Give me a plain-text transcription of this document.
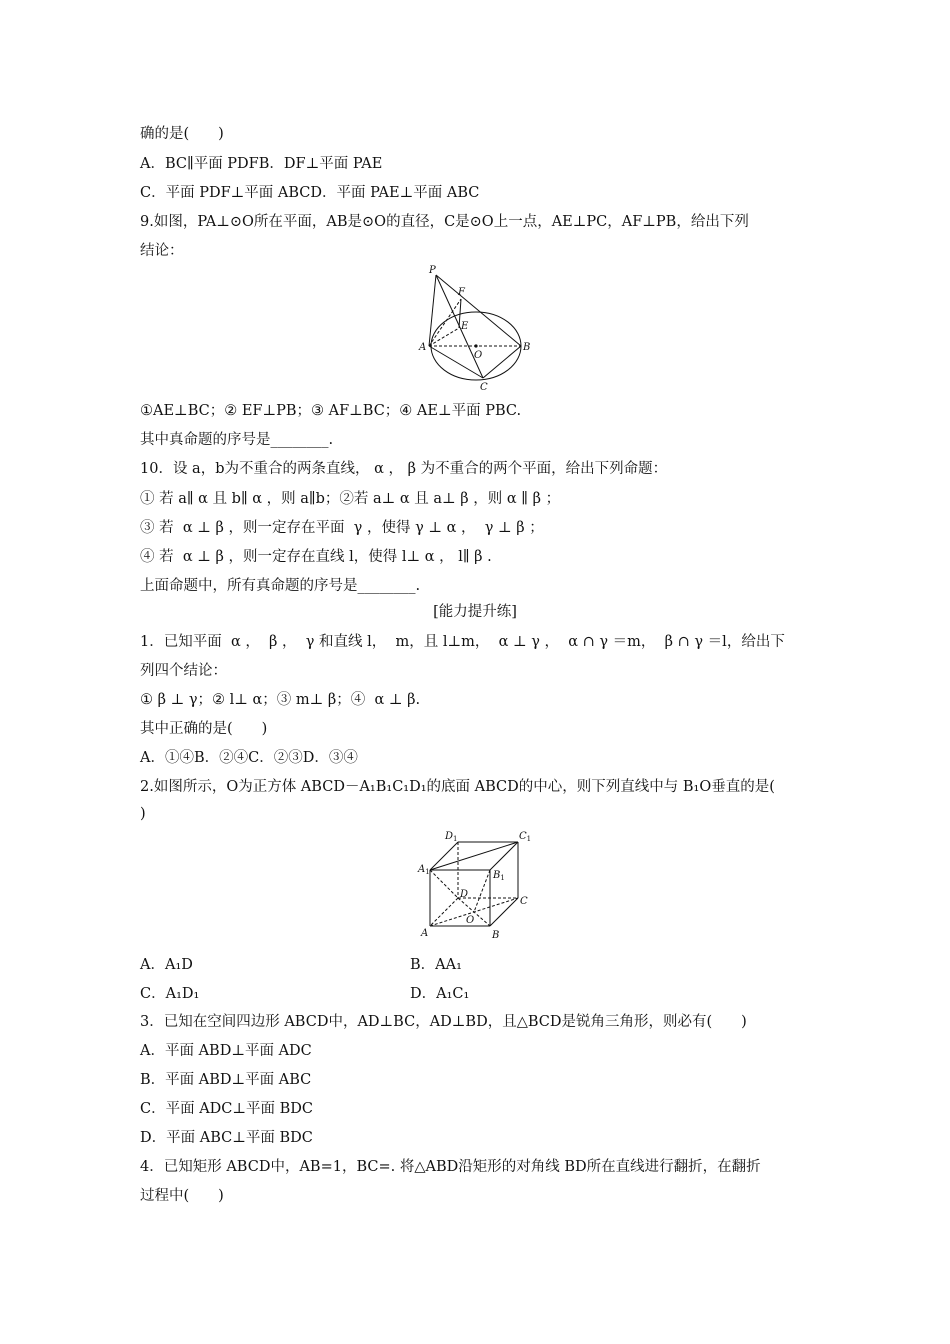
确的是(　　)
A．BC∥平面 PDFB．DF⊥平面 PAE
C．平面 PDF⊥平面 ABCD．平面 PAE⊥平面 ABC
9.如图，PA⊥⊙O所在平面，AB是⊙O的直径，C是⊙O上一点，AE⊥PC，AF⊥PB，给出下列
结论：
P
F
E
A
O
B
C
①AE⊥BC；② EF⊥PB；③ AF⊥BC；④ AE⊥平面 PBC.
其中真命题的序号是________.
10．设 a，b为不重合的两条直线， α ， β 为不重合的两个平面，给出下列命题：
① 若 a∥ α 且 b∥ α ，则 a∥b；②若 a⊥ α 且 a⊥ β ，则 α ∥ β ；
③ 若  α ⊥ β ，则一定存在平面  γ ，使得 γ ⊥ α ，  γ ⊥ β ；
④ 若  α ⊥ β ，则一定存在直线 l，使得 l⊥ α ， l∥ β .
上面命题中，所有真命题的序号是________.
[能力提升练]
1．已知平面  α ，  β ，  γ 和直线 l，  m，且 l⊥m，  α ⊥ γ ，  α ∩ γ ＝m，  β ∩ γ ＝l，给出下
列四个结论：
① β ⊥ γ；② l⊥ α；③ m⊥ β；④  α ⊥ β.
其中正确的是(　　)
A．①④B．②④C．②③D．③④
2.如图所示，O为正方体 ABCD－A₁B₁C₁D₁的底面 ABCD的中心，则下列直线中与 B₁O垂直的是(
)
$D_1$	$C_1$
$A_1$	$B_1$
D
C
O
A	B
A．A₁D	B．AA₁
C．A₁D₁	D．A₁C₁
3．已知在空间四边形 ABCD中，AD⊥BC，AD⊥BD，且△BCD是锐角三角形，则必有(　　)
A．平面 ABD⊥平面 ADC
B．平面 ABD⊥平面 ABC
C．平面 ADC⊥平面 BDC
D．平面 ABC⊥平面 BDC
4．已知矩形 ABCD中，AB=1，BC=. 将△ABD沿矩形的对角线 BD所在直线进行翻折，在翻折
过程中(　　)
